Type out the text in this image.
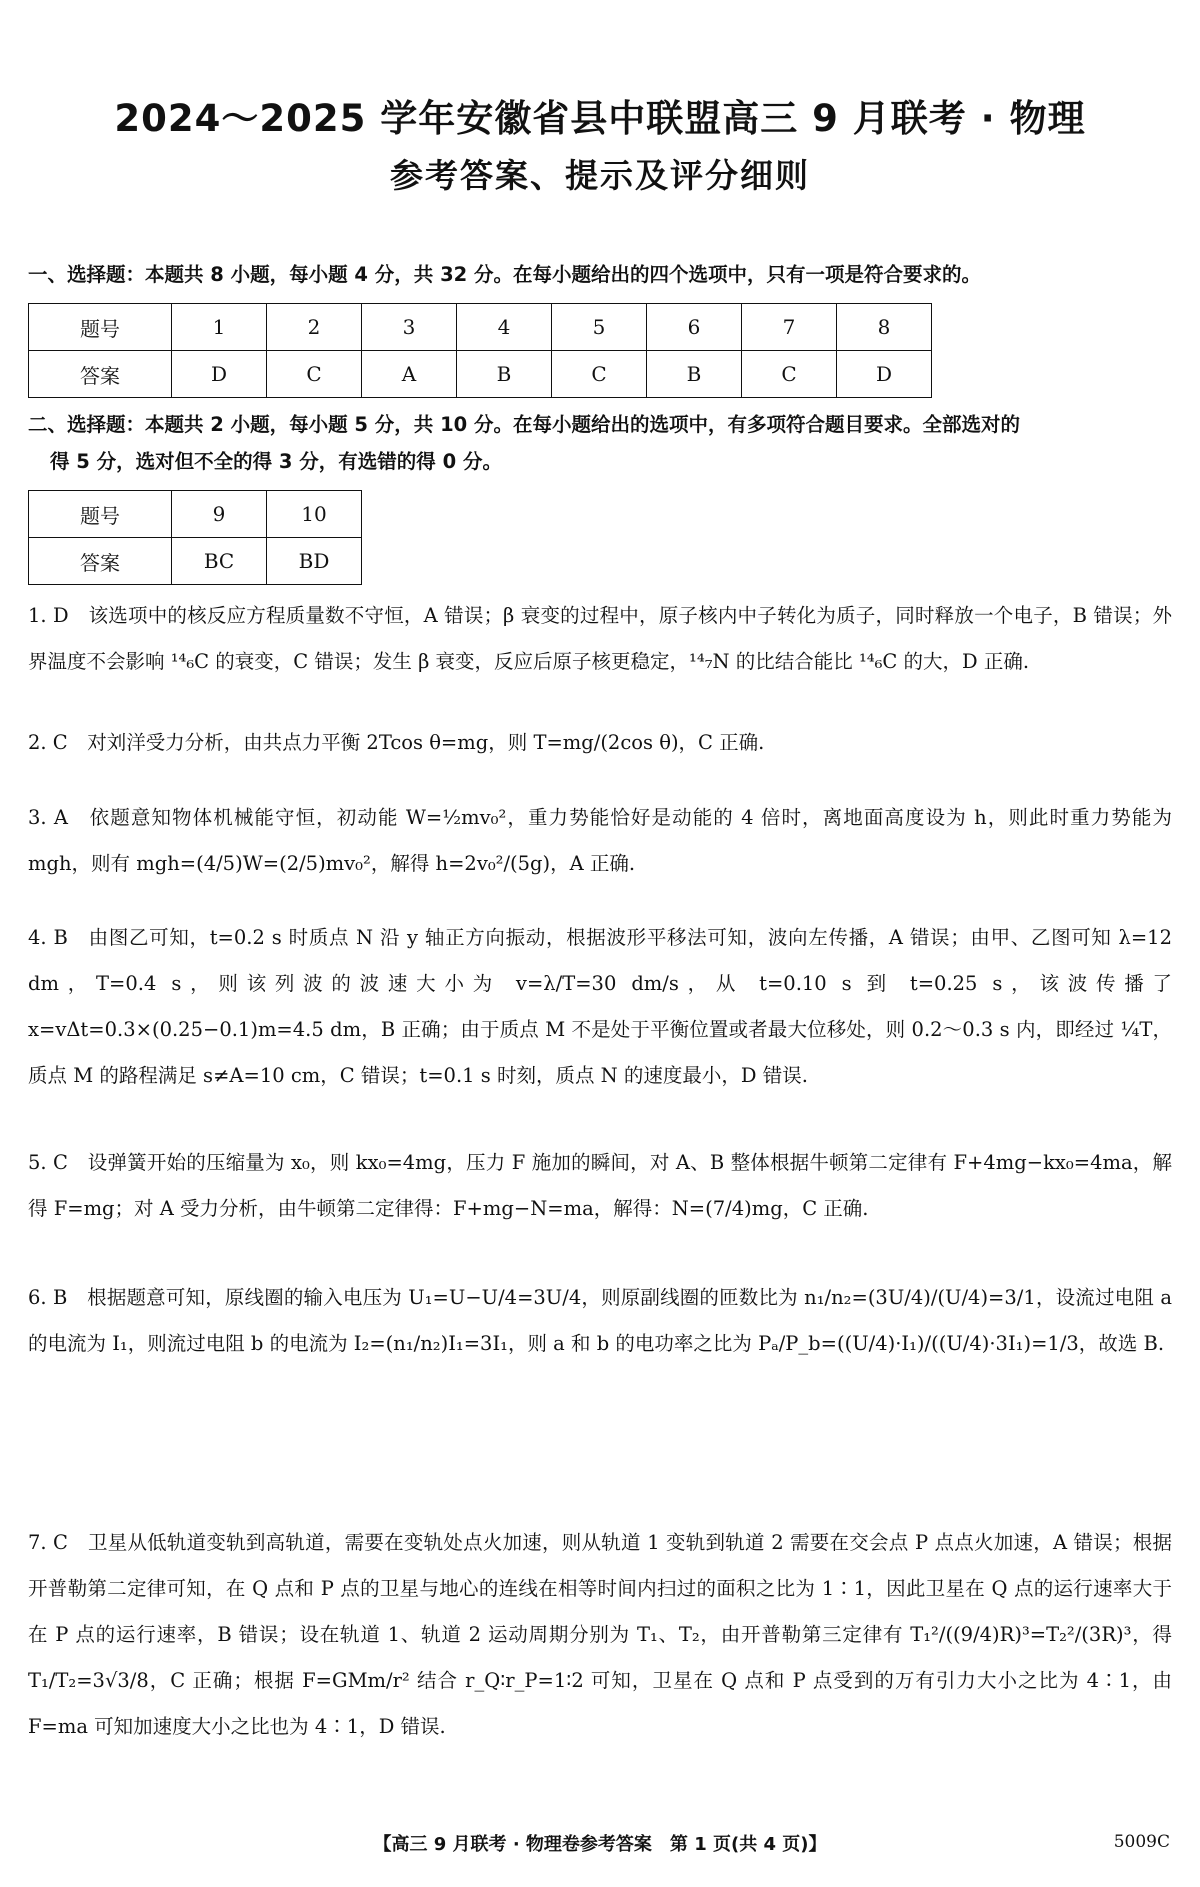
2024～2025 学年安徽省县中联盟高三 9 月联考 · 物理
参考答案、提示及评分细则
一、选择题：本题共 8 小题，每小题 4 分，共 32 分。在每小题给出的四个选项中，只有一项是符合要求的。
题号	1	2	3	4	5	6	7	8
答案	D	C	A	B	C	B	C	D
二、选择题：本题共 2 小题，每小题 5 分，共 10 分。在每小题给出的选项中，有多项符合题目要求。全部选对的
得 5 分，选对但不全的得 3 分，有选错的得 0 分。
题号	9	10
答案	BC	BD
1. D　该选项中的核反应方程质量数不守恒，A 错误；β 衰变的过程中，原子核内中子转化为质子，同时释放一个电子，B 错误；外界温度不会影响 ¹⁴₆C 的衰变，C 错误；发生 β 衰变，反应后原子核更稳定，¹⁴₇N 的比结合能比 ¹⁴₆C 的大，D 正确.
2. C　对刘洋受力分析，由共点力平衡 2Tcos θ=mg，则 T=mg/(2cos θ)，C 正确.
3. A　依题意知物体机械能守恒，初动能 W=½mv₀²，重力势能恰好是动能的 4 倍时，离地面高度设为 h，则此时重力势能为 mgh，则有 mgh=(4/5)W=(2/5)mv₀²，解得 h=2v₀²/(5g)，A 正确.
4. B　由图乙可知，t=0.2 s 时质点 N 沿 y 轴正方向振动，根据波形平移法可知，波向左传播，A 错误；由甲、乙图可知 λ=12 dm，T=0.4 s，则该列波的波速大小为 v=λ/T=30 dm/s，从 t=0.10 s 到 t=0.25 s，该波传播了 x=vΔt=0.3×(0.25−0.1)m=4.5 dm，B 正确；由于质点 M 不是处于平衡位置或者最大位移处，则 0.2～0.3 s 内，即经过 ¼T，质点 M 的路程满足 s≠A=10 cm，C 错误；t=0.1 s 时刻，质点 N 的速度最小，D 错误.
5. C　设弹簧开始的压缩量为 x₀，则 kx₀=4mg，压力 F 施加的瞬间，对 A、B 整体根据牛顿第二定律有 F+4mg−kx₀=4ma，解得 F=mg；对 A 受力分析，由牛顿第二定律得：F+mg−N=ma，解得：N=(7/4)mg，C 正确.
6. B　根据题意可知，原线圈的输入电压为 U₁=U−U/4=3U/4，则原副线圈的匝数比为 n₁/n₂=(3U/4)/(U/4)=3/1，设流过电阻 a 的电流为 I₁，则流过电阻 b 的电流为 I₂=(n₁/n₂)I₁=3I₁，则 a 和 b 的电功率之比为 Pₐ/P_b=((U/4)·I₁)/((U/4)·3I₁)=1/3，故选 B.
7. C　卫星从低轨道变轨到高轨道，需要在变轨处点火加速，则从轨道 1 变轨到轨道 2 需要在交会点 P 点点火加速，A 错误；根据开普勒第二定律可知，在 Q 点和 P 点的卫星与地心的连线在相等时间内扫过的面积之比为 1∶1，因此卫星在 Q 点的运行速率大于在 P 点的运行速率，B 错误；设在轨道 1、轨道 2 运动周期分别为 T₁、T₂，由开普勒第三定律有 T₁²/((9/4)R)³=T₂²/(3R)³，得 T₁/T₂=3√3/8，C 正确；根据 F=GMm/r² 结合 r_Q∶r_P=1∶2 可知，卫星在 Q 点和 P 点受到的万有引力大小之比为 4∶1，由 F=ma 可知加速度大小之比也为 4∶1，D 错误.
【高三 9 月联考 · 物理卷参考答案　第 1 页(共 4 页)】	5009C
